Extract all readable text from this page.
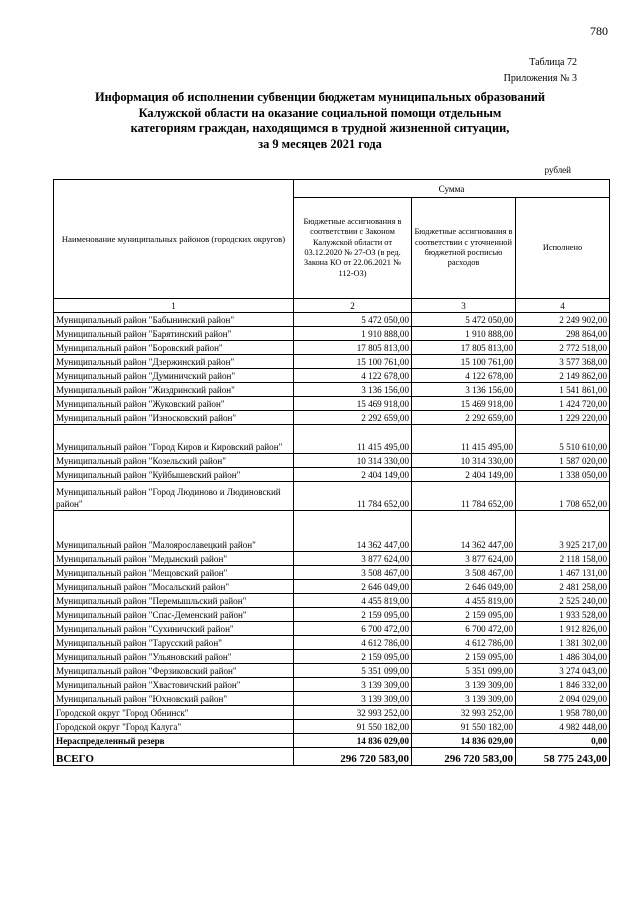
780
Таблица 72
Приложения № 3
Информация об исполнении субвенции бюджетам муниципальных образований
Калужской области на оказание социальной помощи отдельным
категориям граждан, находящимся в трудной жизненной ситуации,
за 9 месяцев 2021 года
рублей
Наименование муниципальных районов (городских округов)	Сумма		
	Бюджетные ассигнования в соответствии с Законом Калужской области от 03.12.2020 № 27-ОЗ (в ред. Закона КО от 22.06.2021 № 112-ОЗ)	Бюджетные ассигнования в соответствии с уточненной бюджетной росписью расходов	Исполнено
1	2	3	4
Муниципальный район "Бабынинский район"	5 472 050,00	5 472 050,00	2 249 902,00
Муниципальный район "Барятинский район"	1 910 888,00	1 910 888,00	298 864,00
Муниципальный район "Боровский район"	17 805 813,00	17 805 813,00	2 772 518,00
Муниципальный район "Дзержинский район"	15 100 761,00	15 100 761,00	3 577 368,00
Муниципальный район "Думиничский район"	4 122 678,00	4 122 678,00	2 149 862,00
Муниципальный район "Жиздринский район"	3 136 156,00	3 136 156,00	1 541 861,00
Муниципальный район "Жуковский район"	15 469 918,00	15 469 918,00	1 424 720,00
Муниципальный район "Износковский район"	2 292 659,00	2 292 659,00	1 229 220,00
Муниципальный район "Город Киров и Кировский район"	11 415 495,00	11 415 495,00	5 510 610,00
Муниципальный район "Козельский район"	10 314 330,00	10 314 330,00	1 587 020,00
Муниципальный район "Куйбышевский район"	2 404 149,00	2 404 149,00	1 338 050,00
Муниципальный район "Город Людиново и Людиновский район"	11 784 652,00	11 784 652,00	1 708 652,00
Муниципальный район "Малоярославецкий район"	14 362 447,00	14 362 447,00	3 925 217,00
Муниципальный район "Медынский район"	3 877 624,00	3 877 624,00	2 118 158,00
Муниципальный район "Мещовский район"	3 508 467,00	3 508 467,00	1 467 131,00
Муниципальный район "Мосальский район"	2 646 049,00	2 646 049,00	2 481 258,00
Муниципальный район "Перемышльский район"	4 455 819,00	4 455 819,00	2 525 240,00
Муниципальный район "Спас-Деменский район"	2 159 095,00	2 159 095,00	1 933 528,00
Муниципальный район "Сухиничский район"	6 700 472,00	6 700 472,00	1 912 826,00
Муниципальный район "Тарусский район"	4 612 786,00	4 612 786,00	1 381 302,00
Муниципальный район "Ульяновский район"	2 159 095,00	2 159 095,00	1 486 304,00
Муниципальный район "Ферзиковский район"	5 351 099,00	5 351 099,00	3 274 043,00
Муниципальный район "Хвастовичский район"	3 139 309,00	3 139 309,00	1 846 332,00
Муниципальный район "Юхновский район"	3 139 309,00	3 139 309,00	2 094 029,00
Городской округ "Город Обнинск"	32 993 252,00	32 993 252,00	1 958 780,00
Городской округ "Город Калуга"	91 550 182,00	91 550 182,00	4 982 448,00
Нераспределенный резерв	14 836 029,00	14 836 029,00	0,00
ВСЕГО	296 720 583,00	296 720 583,00	58 775 243,00
